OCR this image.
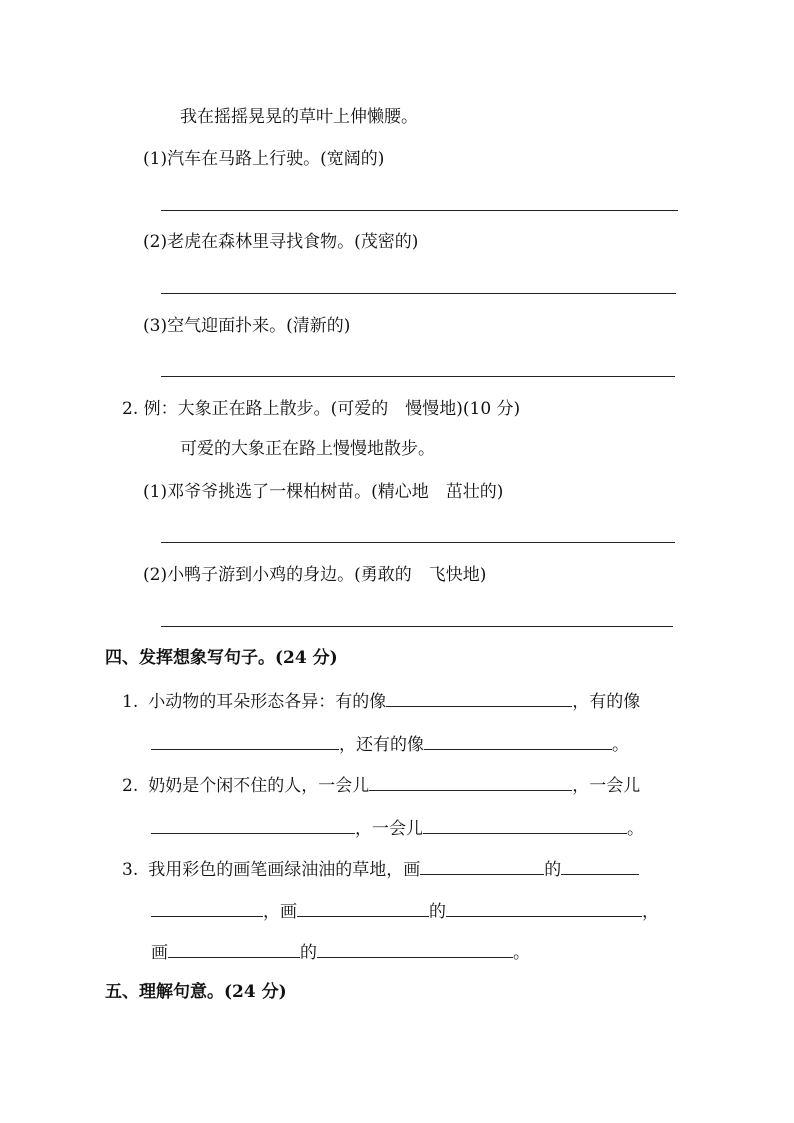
我在摇摇晃晃的草叶上伸懒腰。
(1)汽车在马路上行驶。(宽阔的)
(2)老虎在森林里寻找食物。(茂密的)
(3)空气迎面扑来。(清新的)
2. 例：大象正在路上散步。(可爱的　慢慢地)(10 分)
可爱的大象正在路上慢慢地散步。
(1)邓爷爷挑选了一棵柏树苗。(精心地　茁壮的)
(2)小鸭子游到小鸡的身边。(勇敢的　飞快地)
四、发挥想象写句子。(24 分)
1. 小动物的耳朵形态各异：有的像	，有的像
，还有的像	。
2. 奶奶是个闲不住的人，一会儿	，一会儿
，一会儿	。
3. 我用彩色的画笔画绿油油的草地，画	的
，画	的	，
画	的	。
五、理解句意。(24 分)
